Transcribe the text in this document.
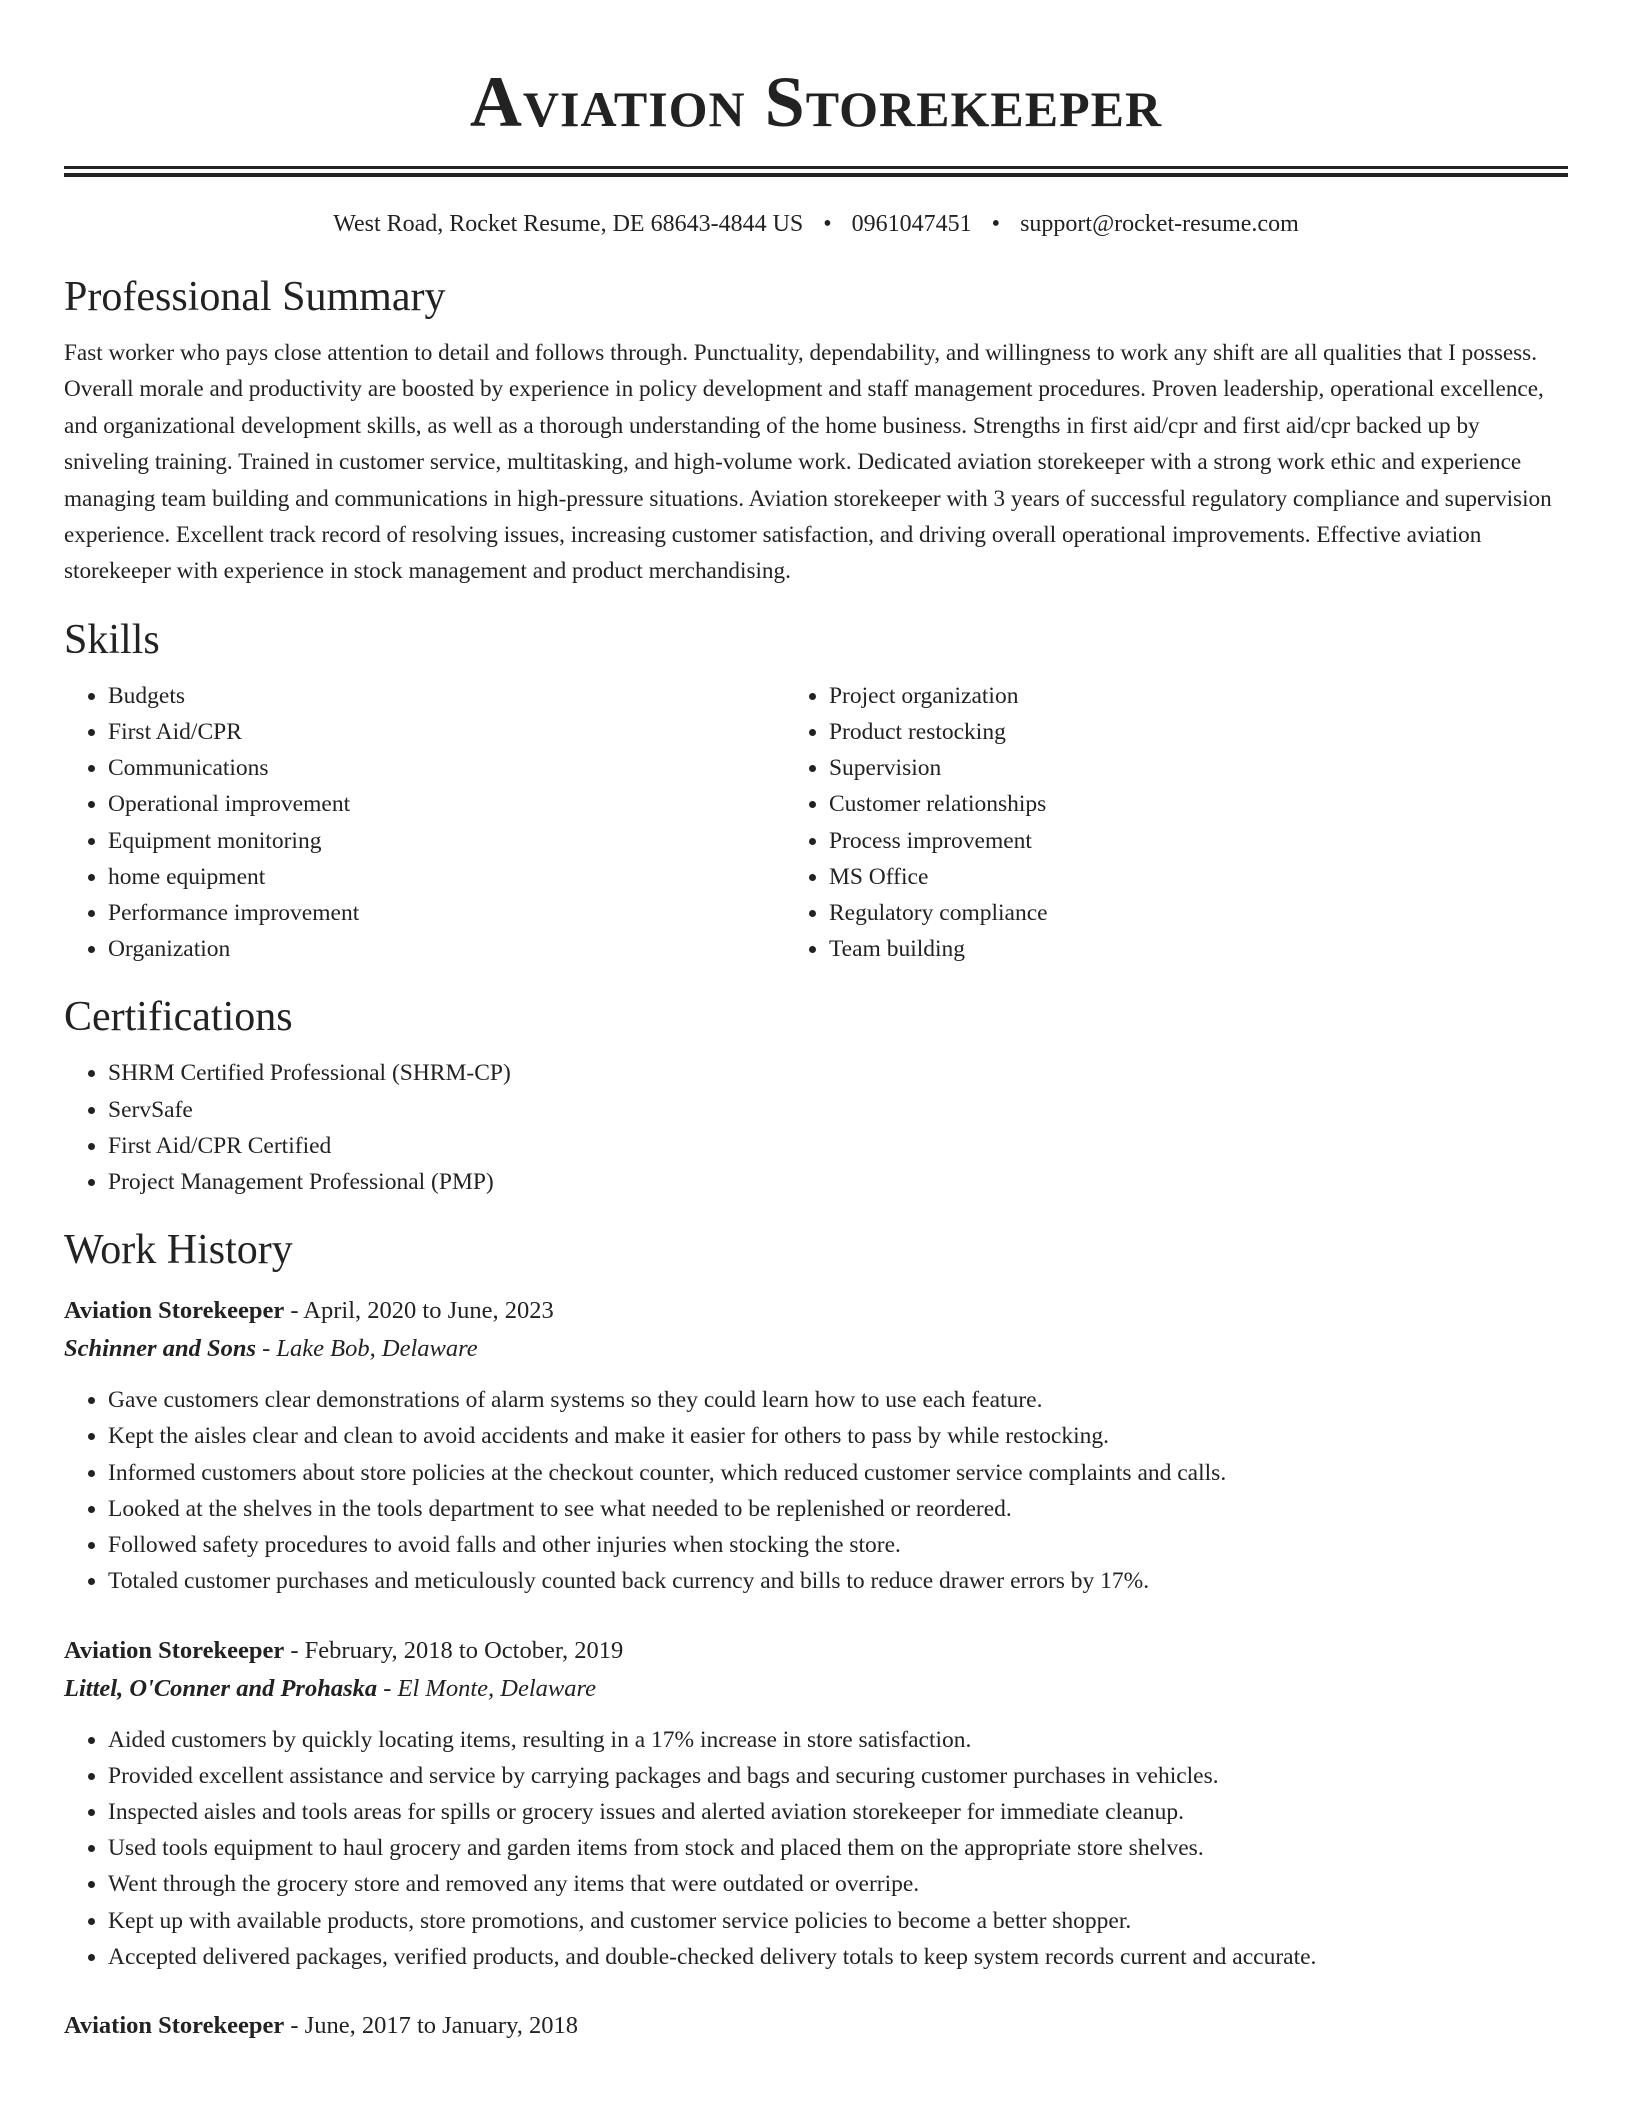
Aviation Storekeeper
West Road, Rocket Resume, DE 68643-4844 US • 0961047451 • support@rocket-resume.com
Professional Summary
Fast worker who pays close attention to detail and follows through. Punctuality, dependability, and willingness to work any shift are all qualities that I possess. Overall morale and productivity are boosted by experience in policy development and staff management procedures. Proven leadership, operational excellence, and organizational development skills, as well as a thorough understanding of the home business. Strengths in first aid/cpr and first aid/cpr backed up by sniveling training. Trained in customer service, multitasking, and high-volume work. Dedicated aviation storekeeper with a strong work ethic and experience managing team building and communications in high-pressure situations. Aviation storekeeper with 3 years of successful regulatory compliance and supervision experience. Excellent track record of resolving issues, increasing customer satisfaction, and driving overall operational improvements. Effective aviation storekeeper with experience in stock management and product merchandising.
Skills
• Budgets
• First Aid/CPR
• Communications
• Operational improvement
• Equipment monitoring
• home equipment
• Performance improvement
• Organization
• Project organization
• Product restocking
• Supervision
• Customer relationships
• Process improvement
• MS Office
• Regulatory compliance
• Team building
Certifications
• SHRM Certified Professional (SHRM-CP)
• ServSafe
• First Aid/CPR Certified
• Project Management Professional (PMP)
Work History
Aviation Storekeeper - April, 2020 to June, 2023
Schinner and Sons - Lake Bob, Delaware
• Gave customers clear demonstrations of alarm systems so they could learn how to use each feature.
• Kept the aisles clear and clean to avoid accidents and make it easier for others to pass by while restocking.
• Informed customers about store policies at the checkout counter, which reduced customer service complaints and calls.
• Looked at the shelves in the tools department to see what needed to be replenished or reordered.
• Followed safety procedures to avoid falls and other injuries when stocking the store.
• Totaled customer purchases and meticulously counted back currency and bills to reduce drawer errors by 17%.
Aviation Storekeeper - February, 2018 to October, 2019
Littel, O'Conner and Prohaska - El Monte, Delaware
• Aided customers by quickly locating items, resulting in a 17% increase in store satisfaction.
• Provided excellent assistance and service by carrying packages and bags and securing customer purchases in vehicles.
• Inspected aisles and tools areas for spills or grocery issues and alerted aviation storekeeper for immediate cleanup.
• Used tools equipment to haul grocery and garden items from stock and placed them on the appropriate store shelves.
• Went through the grocery store and removed any items that were outdated or overripe.
• Kept up with available products, store promotions, and customer service policies to become a better shopper.
• Accepted delivered packages, verified products, and double-checked delivery totals to keep system records current and accurate.
Aviation Storekeeper - June, 2017 to January, 2018
